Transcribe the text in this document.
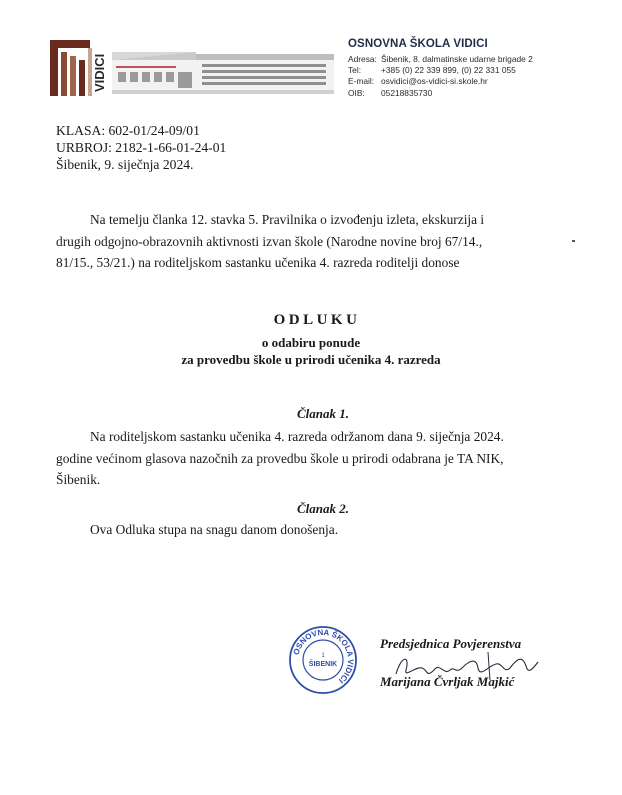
VIDICI
OSNOVNA ŠKOLA VIDICI
Adresa: Šibenik, 8. dalmatinske udarne brigade 2
Tel: +385 (0) 22 339 899, (0) 22 331 055
E-mail: osvidici@os-vidici-si.skole.hr
OIB: 05218835730
KLASA: 602-01/24-09/01
URBROJ: 2182-1-66-01-24-01
Šibenik, 9. siječnja 2024.
Na temelju članka 12. stavka 5. Pravilnika o izvođenju izleta, ekskurzija i
drugih odgojno-obrazovnih aktivnosti izvan škole (Narodne novine broj 67/14.,
81/15., 53/21.) na roditeljskom sastanku učenika 4. razreda roditelji donose
ODLUKU
o odabiru ponude
za provedbu škole u prirodi učenika 4. razreda
Članak 1.
Na roditeljskom sastanku učenika 4. razreda održanom dana 9. siječnja 2024.
godine većinom glasova nazočnih za provedbu škole u prirodi odabrana je TA NIK,
Šibenik.
Članak 2.
Ova Odluka stupa na snagu danom donošenja.
OSNOVNA ŠKOLA VIDICI
1
ŠIBENIK
Predsjednica Povjerenstva
Marijana Čvrljak Majkić
